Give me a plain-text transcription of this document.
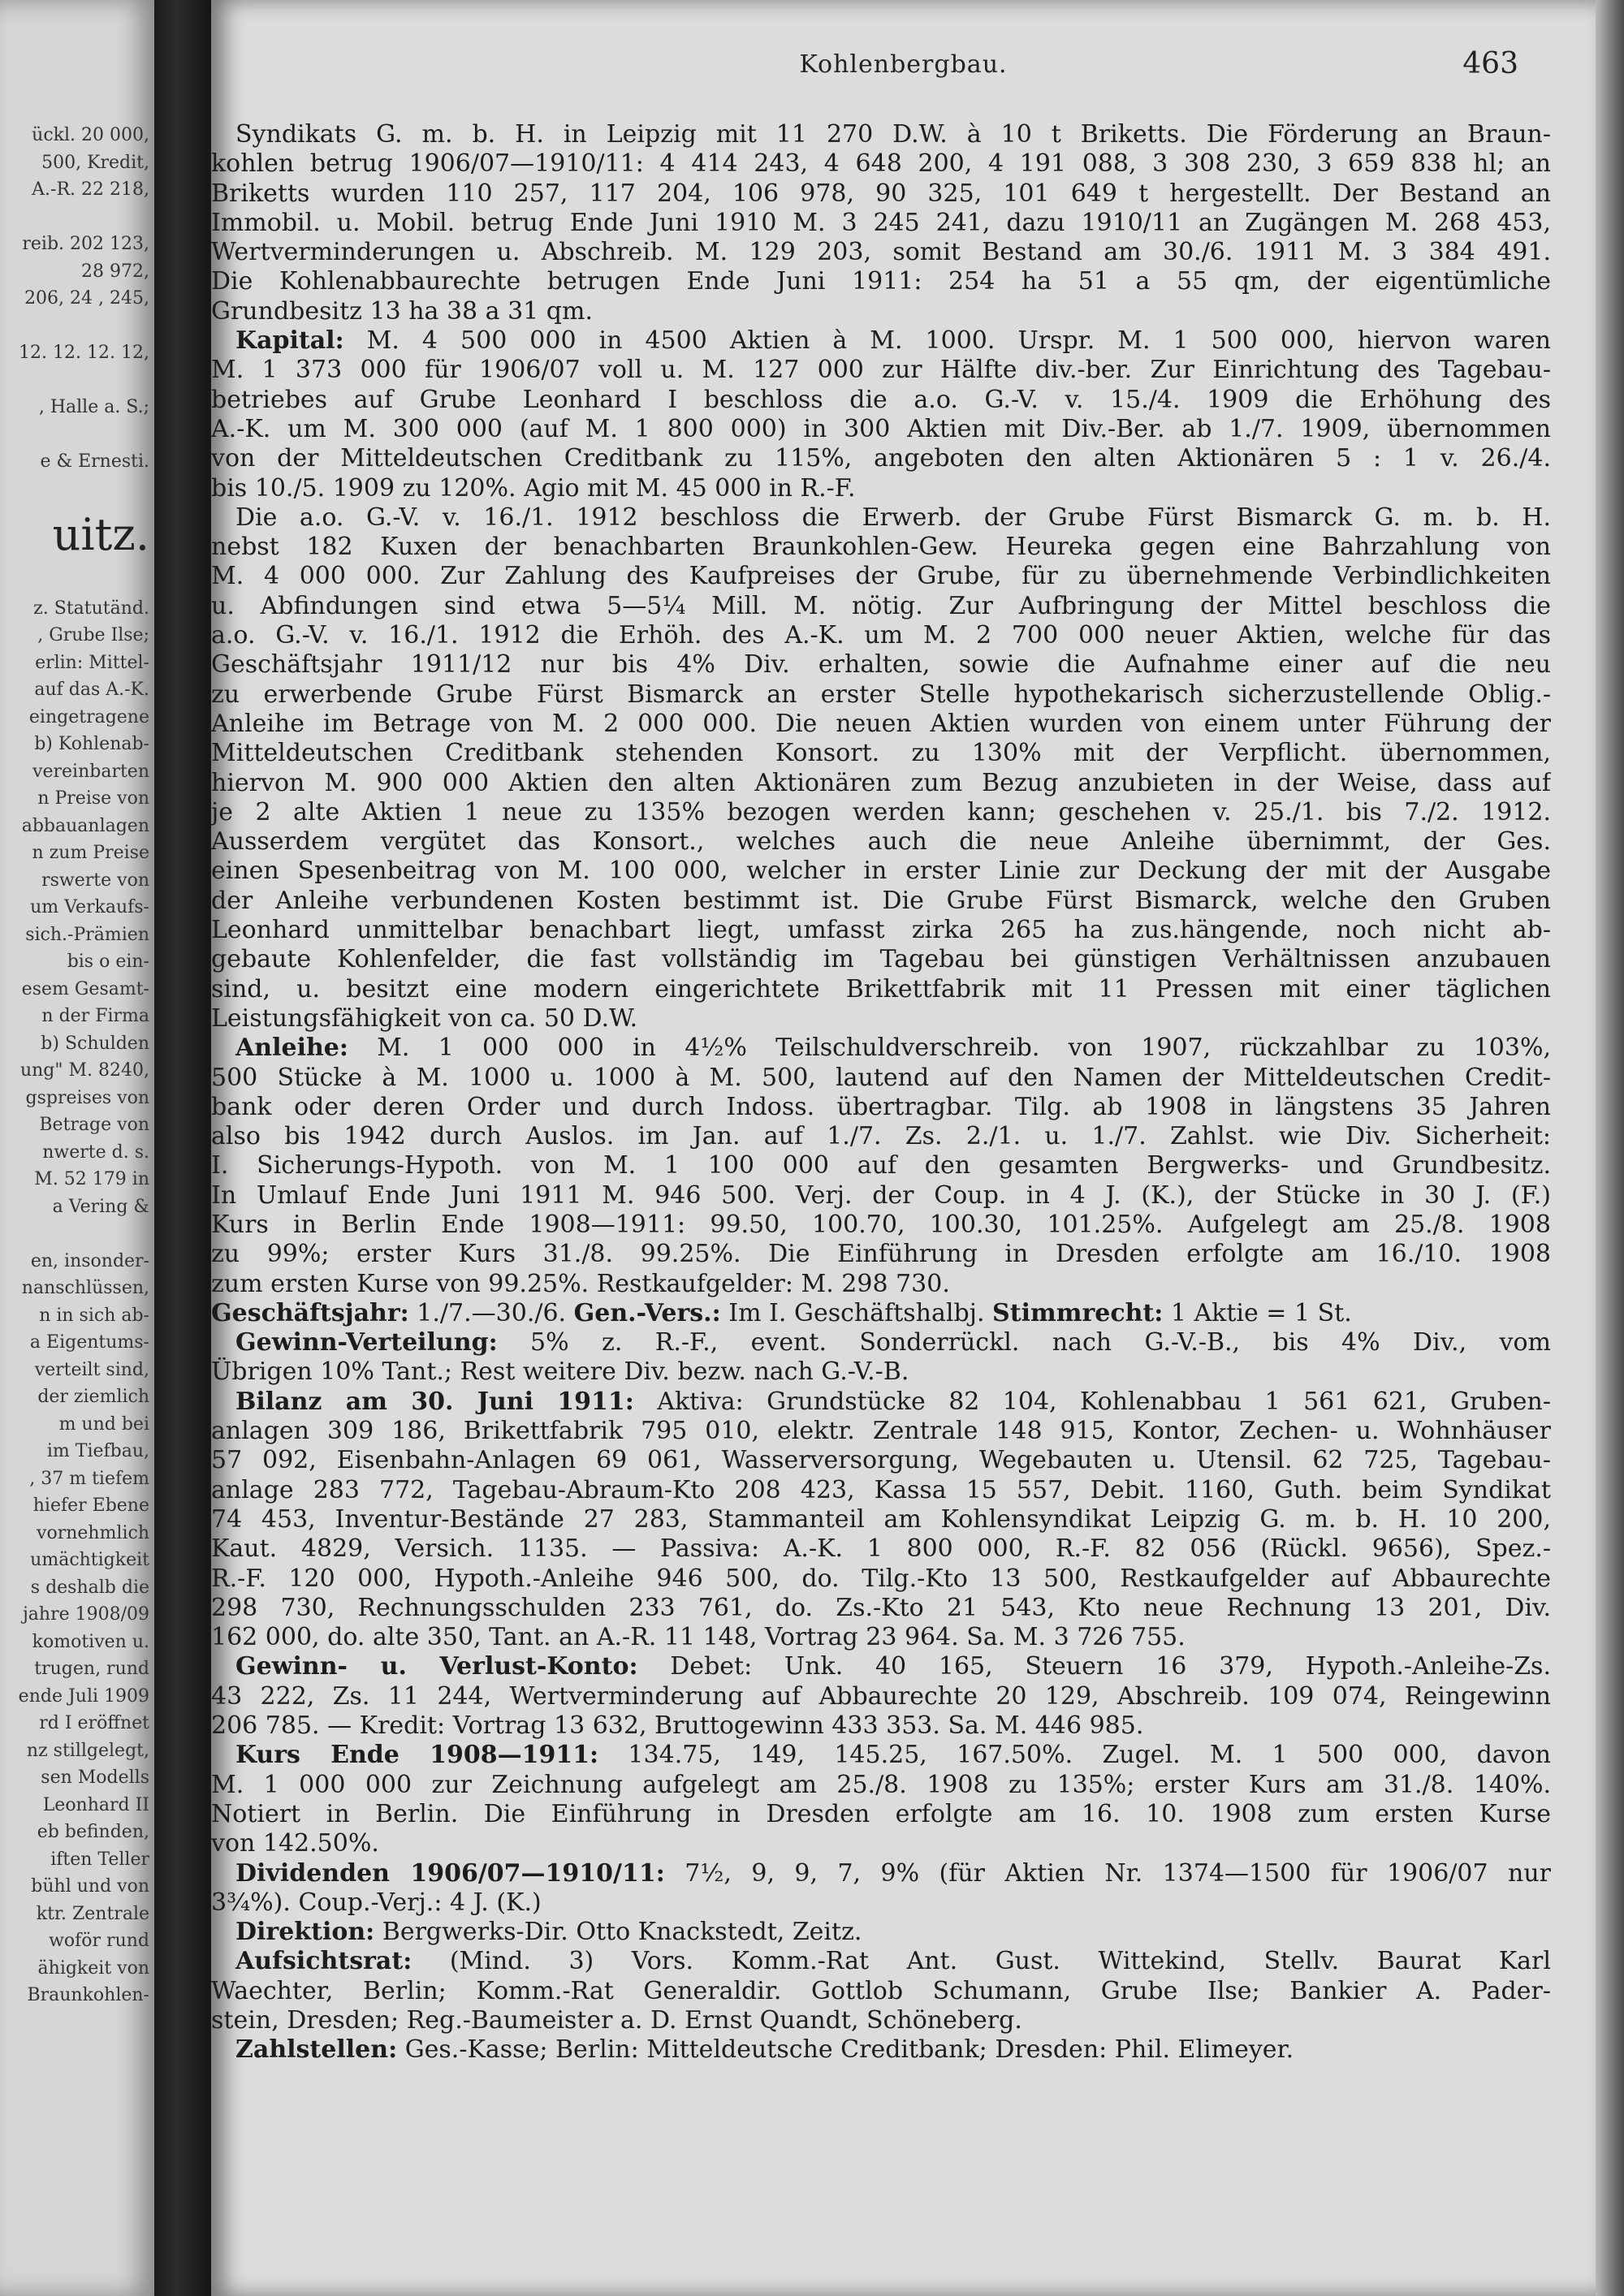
ückl. 20 000,
500, Kredit,
A.-R. 22 218,

reib. 202 123,
28 972,
206, 24 , 245,

12. 12. 12. 12,

, Halle a. S.;

e & Ernesti.

uitz.

z. Statutänd.
, Grube Ilse;
erlin: Mittel-
auf das A.-K.
eingetragene
b) Kohlenab-
vereinbarten
n Preise von
abbauanlagen
n zum Preise
rswerte von
um Verkaufs-
sich.-Prämien
bis o ein-
esem Gesamt-
n der Firma
b) Schulden
ung" M. 8240,
gspreises von
Betrage von
nwerte d. s.
M. 52 179 in
a Vering &

en, insonder-
nanschlüssen,
n in sich ab-
a Eigentums-
verteilt sind,
der ziemlich
m und bei
im Tiefbau,
, 37 m tiefem
hiefer Ebene
vornehmlich
umächtigkeit
s deshalb die
jahre 1908/09
komotiven u.
trugen, rund
ende Juli 1909
rd I eröffnet
nz stillgelegt,
sen Modells
Leonhard II
eb befinden,
iften Teller
bühl und von
ktr. Zentrale
woför rund
ähigkeit von
Braunkohlen-
Kohlenbergbau.	463
 Syndikats G. m. b. H. in Leipzig mit 11 270 D.W. à 10 t Briketts. Die Förderung an Braun-
kohlen betrug 1906/07—1910/11: 4 414 243, 4 648 200, 4 191 088, 3 308 230, 3 659 838 hl; an
Briketts wurden 110 257, 117 204, 106 978, 90 325, 101 649 t hergestellt. Der Bestand an
Immobil. u. Mobil. betrug Ende Juni 1910 M. 3 245 241, dazu 1910/11 an Zugängen M. 268 453,
Wertverminderungen u. Abschreib. M. 129 203, somit Bestand am 30./6. 1911 M. 3 384 491.
Die Kohlenabbaurechte betrugen Ende Juni 1911: 254 ha 51 a 55 qm, der eigentümliche
Grundbesitz 13 ha 38 a 31 qm.
 Kapital: M. 4 500 000 in 4500 Aktien à M. 1000. Urspr. M. 1 500 000, hiervon waren
M. 1 373 000 für 1906/07 voll u. M. 127 000 zur Hälfte div.-ber. Zur Einrichtung des Tagebau-
betriebes auf Grube Leonhard I beschloss die a.o. G.-V. v. 15./4. 1909 die Erhöhung des
A.-K. um M. 300 000 (auf M. 1 800 000) in 300 Aktien mit Div.-Ber. ab 1./7. 1909, übernommen
von der Mitteldeutschen Creditbank zu 115%, angeboten den alten Aktionären 5 : 1 v. 26./4.
bis 10./5. 1909 zu 120%. Agio mit M. 45 000 in R.-F.
 Die a.o. G.-V. v. 16./1. 1912 beschloss die Erwerb. der Grube Fürst Bismarck G. m. b. H.
nebst 182 Kuxen der benachbarten Braunkohlen-Gew. Heureka gegen eine Bahrzahlung von
M. 4 000 000. Zur Zahlung des Kaufpreises der Grube, für zu übernehmende Verbindlichkeiten
u. Abfindungen sind etwa 5—5¼ Mill. M. nötig. Zur Aufbringung der Mittel beschloss die
a.o. G.-V. v. 16./1. 1912 die Erhöh. des A.-K. um M. 2 700 000 neuer Aktien, welche für das
Geschäftsjahr 1911/12 nur bis 4% Div. erhalten, sowie die Aufnahme einer auf die neu
zu erwerbende Grube Fürst Bismarck an erster Stelle hypothekarisch sicherzustellende Oblig.-
Anleihe im Betrage von M. 2 000 000. Die neuen Aktien wurden von einem unter Führung der
Mitteldeutschen Creditbank stehenden Konsort. zu 130% mit der Verpflicht. übernommen,
hiervon M. 900 000 Aktien den alten Aktionären zum Bezug anzubieten in der Weise, dass auf
je 2 alte Aktien 1 neue zu 135% bezogen werden kann; geschehen v. 25./1. bis 7./2. 1912.
Ausserdem vergütet das Konsort., welches auch die neue Anleihe übernimmt, der Ges.
einen Spesenbeitrag von M. 100 000, welcher in erster Linie zur Deckung der mit der Ausgabe
der Anleihe verbundenen Kosten bestimmt ist. Die Grube Fürst Bismarck, welche den Gruben
Leonhard unmittelbar benachbart liegt, umfasst zirka 265 ha zus.hängende, noch nicht ab-
gebaute Kohlenfelder, die fast vollständig im Tagebau bei günstigen Verhältnissen anzubauen
sind, u. besitzt eine modern eingerichtete Brikettfabrik mit 11 Pressen mit einer täglichen
Leistungsfähigkeit von ca. 50 D.W.
 Anleihe: M. 1 000 000 in 4½% Teilschuldverschreib. von 1907, rückzahlbar zu 103%,
500 Stücke à M. 1000 u. 1000 à M. 500, lautend auf den Namen der Mitteldeutschen Credit-
bank oder deren Order und durch Indoss. übertragbar. Tilg. ab 1908 in längstens 35 Jahren
also bis 1942 durch Auslos. im Jan. auf 1./7. Zs. 2./1. u. 1./7. Zahlst. wie Div. Sicherheit:
I. Sicherungs-Hypoth. von M. 1 100 000 auf den gesamten Bergwerks- und Grundbesitz.
In Umlauf Ende Juni 1911 M. 946 500. Verj. der Coup. in 4 J. (K.), der Stücke in 30 J. (F.)
Kurs in Berlin Ende 1908—1911: 99.50, 100.70, 100.30, 101.25%. Aufgelegt am 25./8. 1908
zu 99%; erster Kurs 31./8. 99.25%. Die Einführung in Dresden erfolgte am 16./10. 1908
zum ersten Kurse von 99.25%. Restkaufgelder: M. 298 730.
Geschäftsjahr: 1./7.—30./6. Gen.-Vers.: Im I. Geschäftshalbj. Stimmrecht: 1 Aktie = 1 St.
 Gewinn-Verteilung: 5% z. R.-F., event. Sonderrückl. nach G.-V.-B., bis 4% Div., vom
Übrigen 10% Tant.; Rest weitere Div. bezw. nach G.-V.-B.
 Bilanz am 30. Juni 1911: Aktiva: Grundstücke 82 104, Kohlenabbau 1 561 621, Gruben-
anlagen 309 186, Brikettfabrik 795 010, elektr. Zentrale 148 915, Kontor, Zechen- u. Wohnhäuser
57 092, Eisenbahn-Anlagen 69 061, Wasserversorgung, Wegebauten u. Utensil. 62 725, Tagebau-
anlage 283 772, Tagebau-Abraum-Kto 208 423, Kassa 15 557, Debit. 1160, Guth. beim Syndikat
74 453, Inventur-Bestände 27 283, Stammanteil am Kohlensyndikat Leipzig G. m. b. H. 10 200,
Kaut. 4829, Versich. 1135. — Passiva: A.-K. 1 800 000, R.-F. 82 056 (Rückl. 9656), Spez.-
R.-F. 120 000, Hypoth.-Anleihe 946 500, do. Tilg.-Kto 13 500, Restkaufgelder auf Abbaurechte
298 730, Rechnungsschulden 233 761, do. Zs.-Kto 21 543, Kto neue Rechnung 13 201, Div.
162 000, do. alte 350, Tant. an A.-R. 11 148, Vortrag 23 964. Sa. M. 3 726 755.
 Gewinn- u. Verlust-Konto: Debet: Unk. 40 165, Steuern 16 379, Hypoth.-Anleihe-Zs.
43 222, Zs. 11 244, Wertverminderung auf Abbaurechte 20 129, Abschreib. 109 074, Reingewinn
206 785. — Kredit: Vortrag 13 632, Bruttogewinn 433 353. Sa. M. 446 985.
 Kurs Ende 1908—1911: 134.75, 149, 145.25, 167.50%. Zugel. M. 1 500 000, davon
M. 1 000 000 zur Zeichnung aufgelegt am 25./8. 1908 zu 135%; erster Kurs am 31./8. 140%.
Notiert in Berlin. Die Einführung in Dresden erfolgte am 16. 10. 1908 zum ersten Kurse
von 142.50%.
 Dividenden 1906/07—1910/11: 7½, 9, 9, 7, 9% (für Aktien Nr. 1374—1500 für 1906/07 nur
3¾%). Coup.-Verj.: 4 J. (K.)
 Direktion: Bergwerks-Dir. Otto Knackstedt, Zeitz.
 Aufsichtsrat: (Mind. 3) Vors. Komm.-Rat Ant. Gust. Wittekind, Stellv. Baurat Karl
Waechter, Berlin; Komm.-Rat Generaldir. Gottlob Schumann, Grube Ilse; Bankier A. Pader-
stein, Dresden; Reg.-Baumeister a. D. Ernst Quandt, Schöneberg.
 Zahlstellen: Ges.-Kasse; Berlin: Mitteldeutsche Creditbank; Dresden: Phil. Elimeyer.
